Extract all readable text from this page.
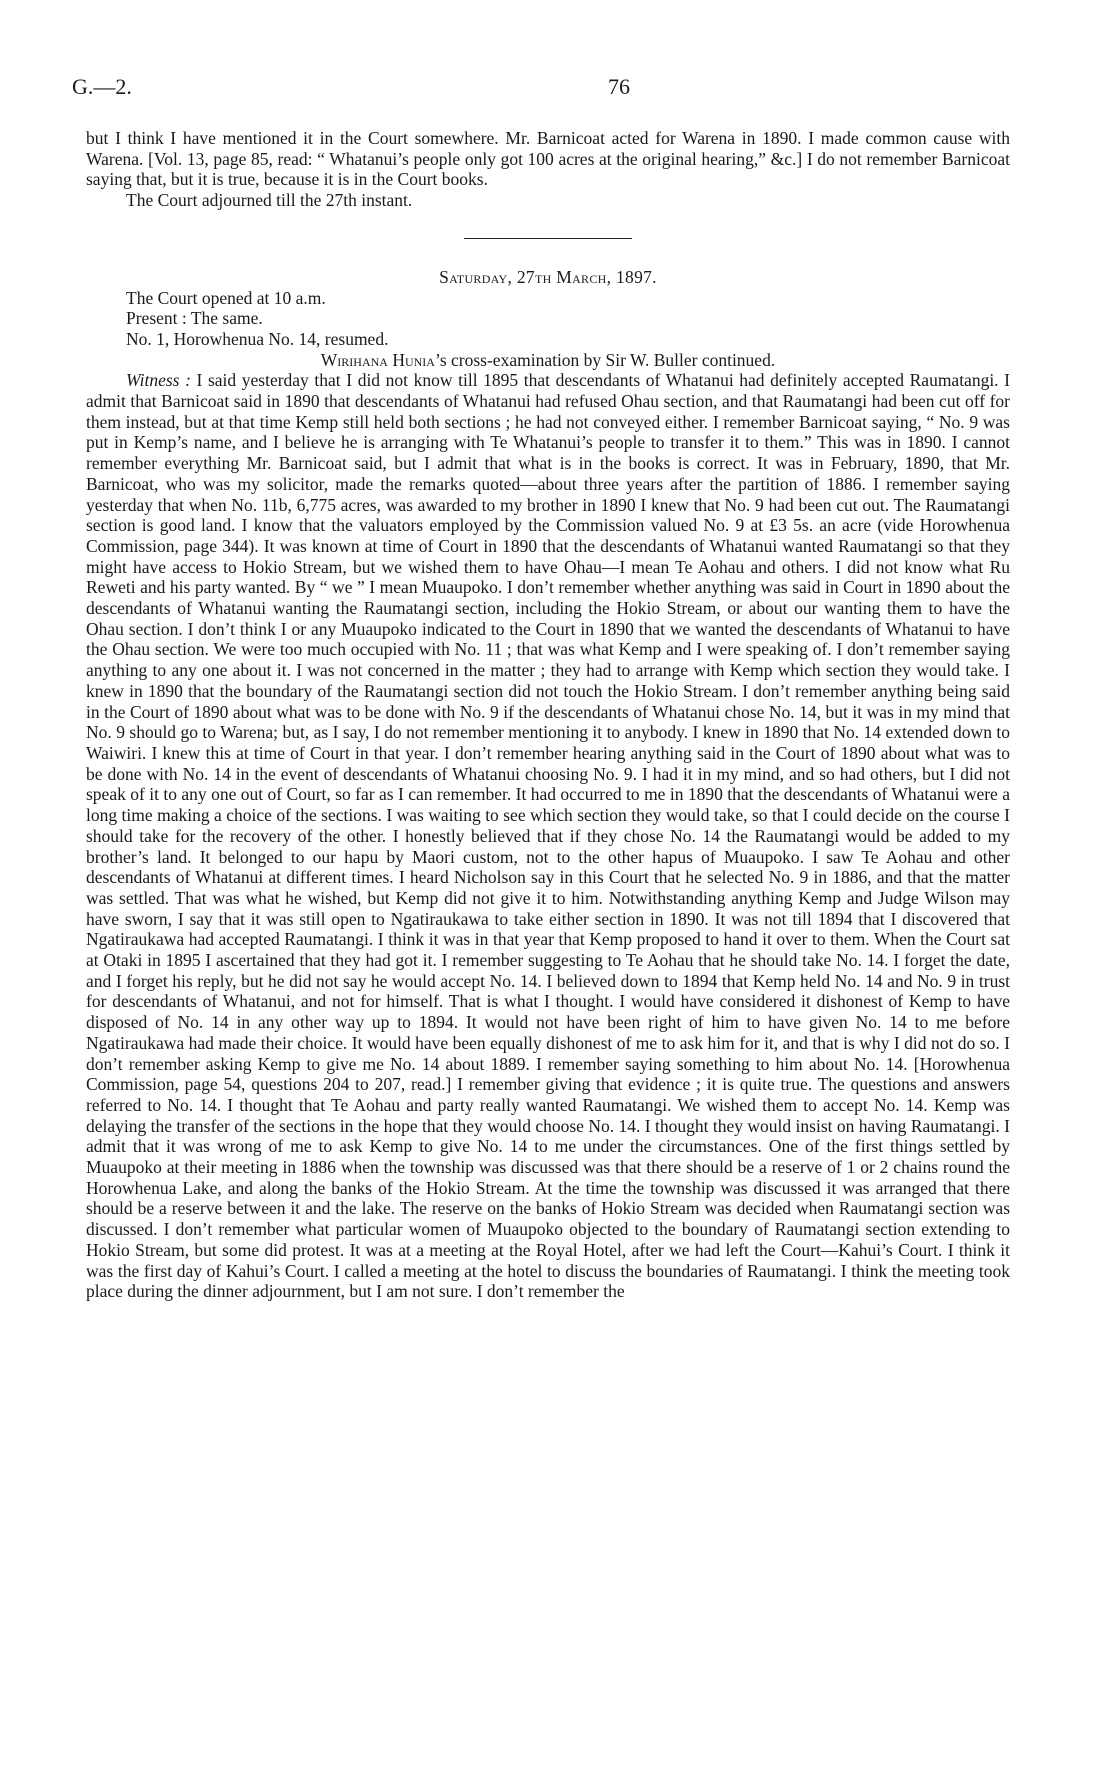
G.—2.	76

but I think I have mentioned it in the Court somewhere. Mr. Barnicoat acted for Warena in 1890. I made common cause with Warena. [Vol. 13, page 85, read: “ Whatanui’s people only got 100 acres at the original hearing,” &c.] I do not remember Barnicoat saying that, but it is true, because it is in the Court books.

The Court adjourned till the 27th instant.

Saturday, 27th March, 1897.

The Court opened at 10 a.m.

Present : The same.

No. 1, Horowhenua No. 14, resumed.

Wirihana Hunia’s cross-examination by Sir W. Buller continued.

Witness : I said yesterday that I did not know till 1895 that descendants of Whatanui had definitely accepted Raumatangi. I admit that Barnicoat said in 1890 that descendants of Whatanui had refused Ohau section, and that Raumatangi had been cut off for them instead, but at that time Kemp still held both sections ; he had not conveyed either. I remember Barnicoat saying, “ No. 9 was put in Kemp’s name, and I believe he is arranging with Te Whatanui’s people to transfer it to them.” This was in 1890. I cannot remember everything Mr. Barnicoat said, but I admit that what is in the books is correct. It was in February, 1890, that Mr. Barnicoat, who was my solicitor, made the remarks quoted—about three years after the partition of 1886. I remember saying yesterday that when No. 11b, 6,775 acres, was awarded to my brother in 1890 I knew that No. 9 had been cut out. The Raumatangi section is good land. I know that the valuators employed by the Commission valued No. 9 at £3 5s. an acre (vide Horowhenua Commission, page 344). It was known at time of Court in 1890 that the descendants of Whatanui wanted Raumatangi so that they might have access to Hokio Stream, but we wished them to have Ohau—I mean Te Aohau and others. I did not know what Ru Reweti and his party wanted. By “ we ” I mean Muaupoko. I don’t remember whether anything was said in Court in 1890 about the descendants of Whatanui wanting the Raumatangi section, including the Hokio Stream, or about our wanting them to have the Ohau section. I don’t think I or any Muaupoko indicated to the Court in 1890 that we wanted the descendants of Whatanui to have the Ohau section. We were too much occupied with No. 11 ; that was what Kemp and I were speaking of. I don’t remember saying anything to any one about it. I was not concerned in the matter ; they had to arrange with Kemp which section they would take. I knew in 1890 that the boundary of the Raumatangi section did not touch the Hokio Stream. I don’t remember anything being said in the Court of 1890 about what was to be done with No. 9 if the descendants of Whatanui chose No. 14, but it was in my mind that No. 9 should go to Warena; but, as I say, I do not remember mentioning it to anybody. I knew in 1890 that No. 14 extended down to Waiwiri. I knew this at time of Court in that year. I don’t remember hearing anything said in the Court of 1890 about what was to be done with No. 14 in the event of descendants of Whatanui choosing No. 9. I had it in my mind, and so had others, but I did not speak of it to any one out of Court, so far as I can remember. It had occurred to me in 1890 that the descendants of Whatanui were a long time making a choice of the sections. I was waiting to see which section they would take, so that I could decide on the course I should take for the recovery of the other. I honestly believed that if they chose No. 14 the Raumatangi would be added to my brother’s land. It belonged to our hapu by Maori custom, not to the other hapus of Muaupoko. I saw Te Aohau and other descendants of Whatanui at different times. I heard Nicholson say in this Court that he selected No. 9 in 1886, and that the matter was settled. That was what he wished, but Kemp did not give it to him. Notwithstanding anything Kemp and Judge Wilson may have sworn, I say that it was still open to Ngatiraukawa to take either section in 1890. It was not till 1894 that I discovered that Ngatiraukawa had accepted Raumatangi. I think it was in that year that Kemp proposed to hand it over to them. When the Court sat at Otaki in 1895 I ascertained that they had got it. I remember suggesting to Te Aohau that he should take No. 14. I forget the date, and I forget his reply, but he did not say he would accept No. 14. I believed down to 1894 that Kemp held No. 14 and No. 9 in trust for descendants of Whatanui, and not for himself. That is what I thought. I would have considered it dishonest of Kemp to have disposed of No. 14 in any other way up to 1894. It would not have been right of him to have given No. 14 to me before Ngatiraukawa had made their choice. It would have been equally dishonest of me to ask him for it, and that is why I did not do so. I don’t remember asking Kemp to give me No. 14 about 1889. I remember saying something to him about No. 14. [Horowhenua Commission, page 54, questions 204 to 207, read.] I remember giving that evidence ; it is quite true. The questions and answers referred to No. 14. I thought that Te Aohau and party really wanted Raumatangi. We wished them to accept No. 14. Kemp was delaying the transfer of the sections in the hope that they would choose No. 14. I thought they would insist on having Raumatangi. I admit that it was wrong of me to ask Kemp to give No. 14 to me under the circumstances. One of the first things settled by Muaupoko at their meeting in 1886 when the township was discussed was that there should be a reserve of 1 or 2 chains round the Horowhenua Lake, and along the banks of the Hokio Stream. At the time the township was discussed it was arranged that there should be a reserve between it and the lake. The reserve on the banks of Hokio Stream was decided when Raumatangi section was discussed. I don’t remember what particular women of Muaupoko objected to the boundary of Raumatangi section extending to Hokio Stream, but some did protest. It was at a meeting at the Royal Hotel, after we had left the Court—Kahui’s Court. I think it was the first day of Kahui’s Court. I called a meeting at the hotel to discuss the boundaries of Raumatangi. I think the meeting took place during the dinner adjournment, but I am not sure. I don’t remember the
